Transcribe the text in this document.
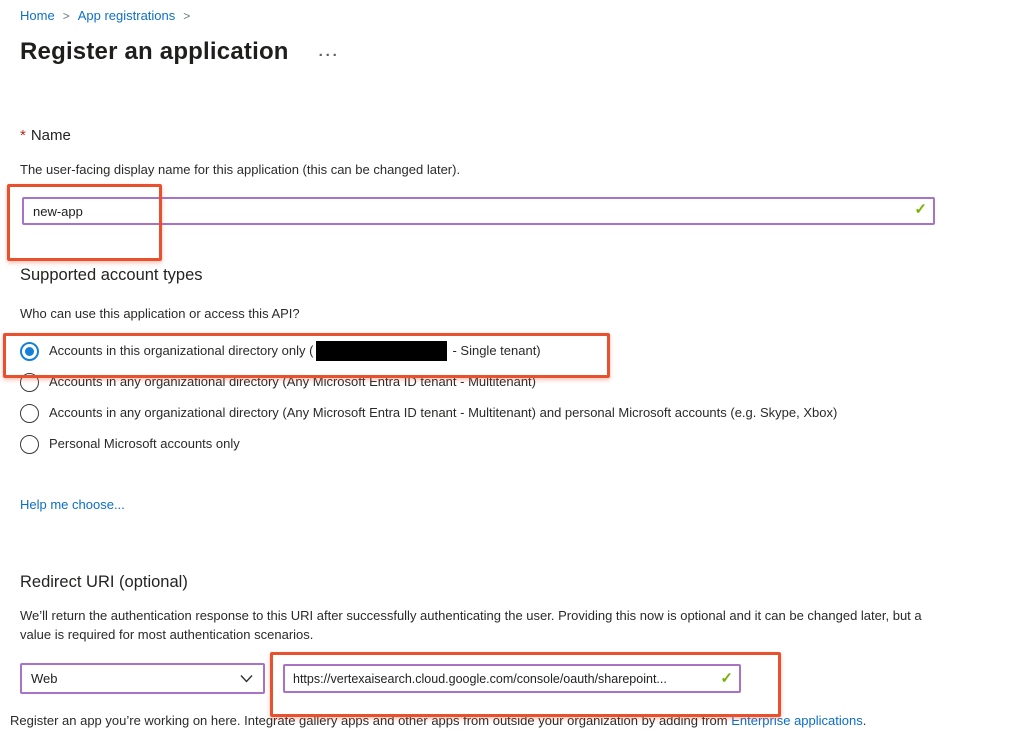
Home > App registrations >
Register an application ···
* Name
The user-facing display name for this application (this can be changed later).
new-app
✓
Supported account types
Who can use this application or access this API?
Accounts in this organizational directory only (	- Single tenant)
Accounts in any organizational directory (Any Microsoft Entra ID tenant - Multitenant)
Accounts in any organizational directory (Any Microsoft Entra ID tenant - Multitenant) and personal Microsoft accounts (e.g. Skype, Xbox)
Personal Microsoft accounts only
Help me choose...
Redirect URI (optional)
We’ll return the authentication response to this URI after successfully authenticating the user. Providing this now is optional and it can be changed later, but a value is required for most authentication scenarios.
Web	https://vertexaisearch.cloud.google.com/console/oauth/sharepoint...	✓
Register an app you’re working on here. Integrate gallery apps and other apps from outside your organization by adding from Enterprise applications.
